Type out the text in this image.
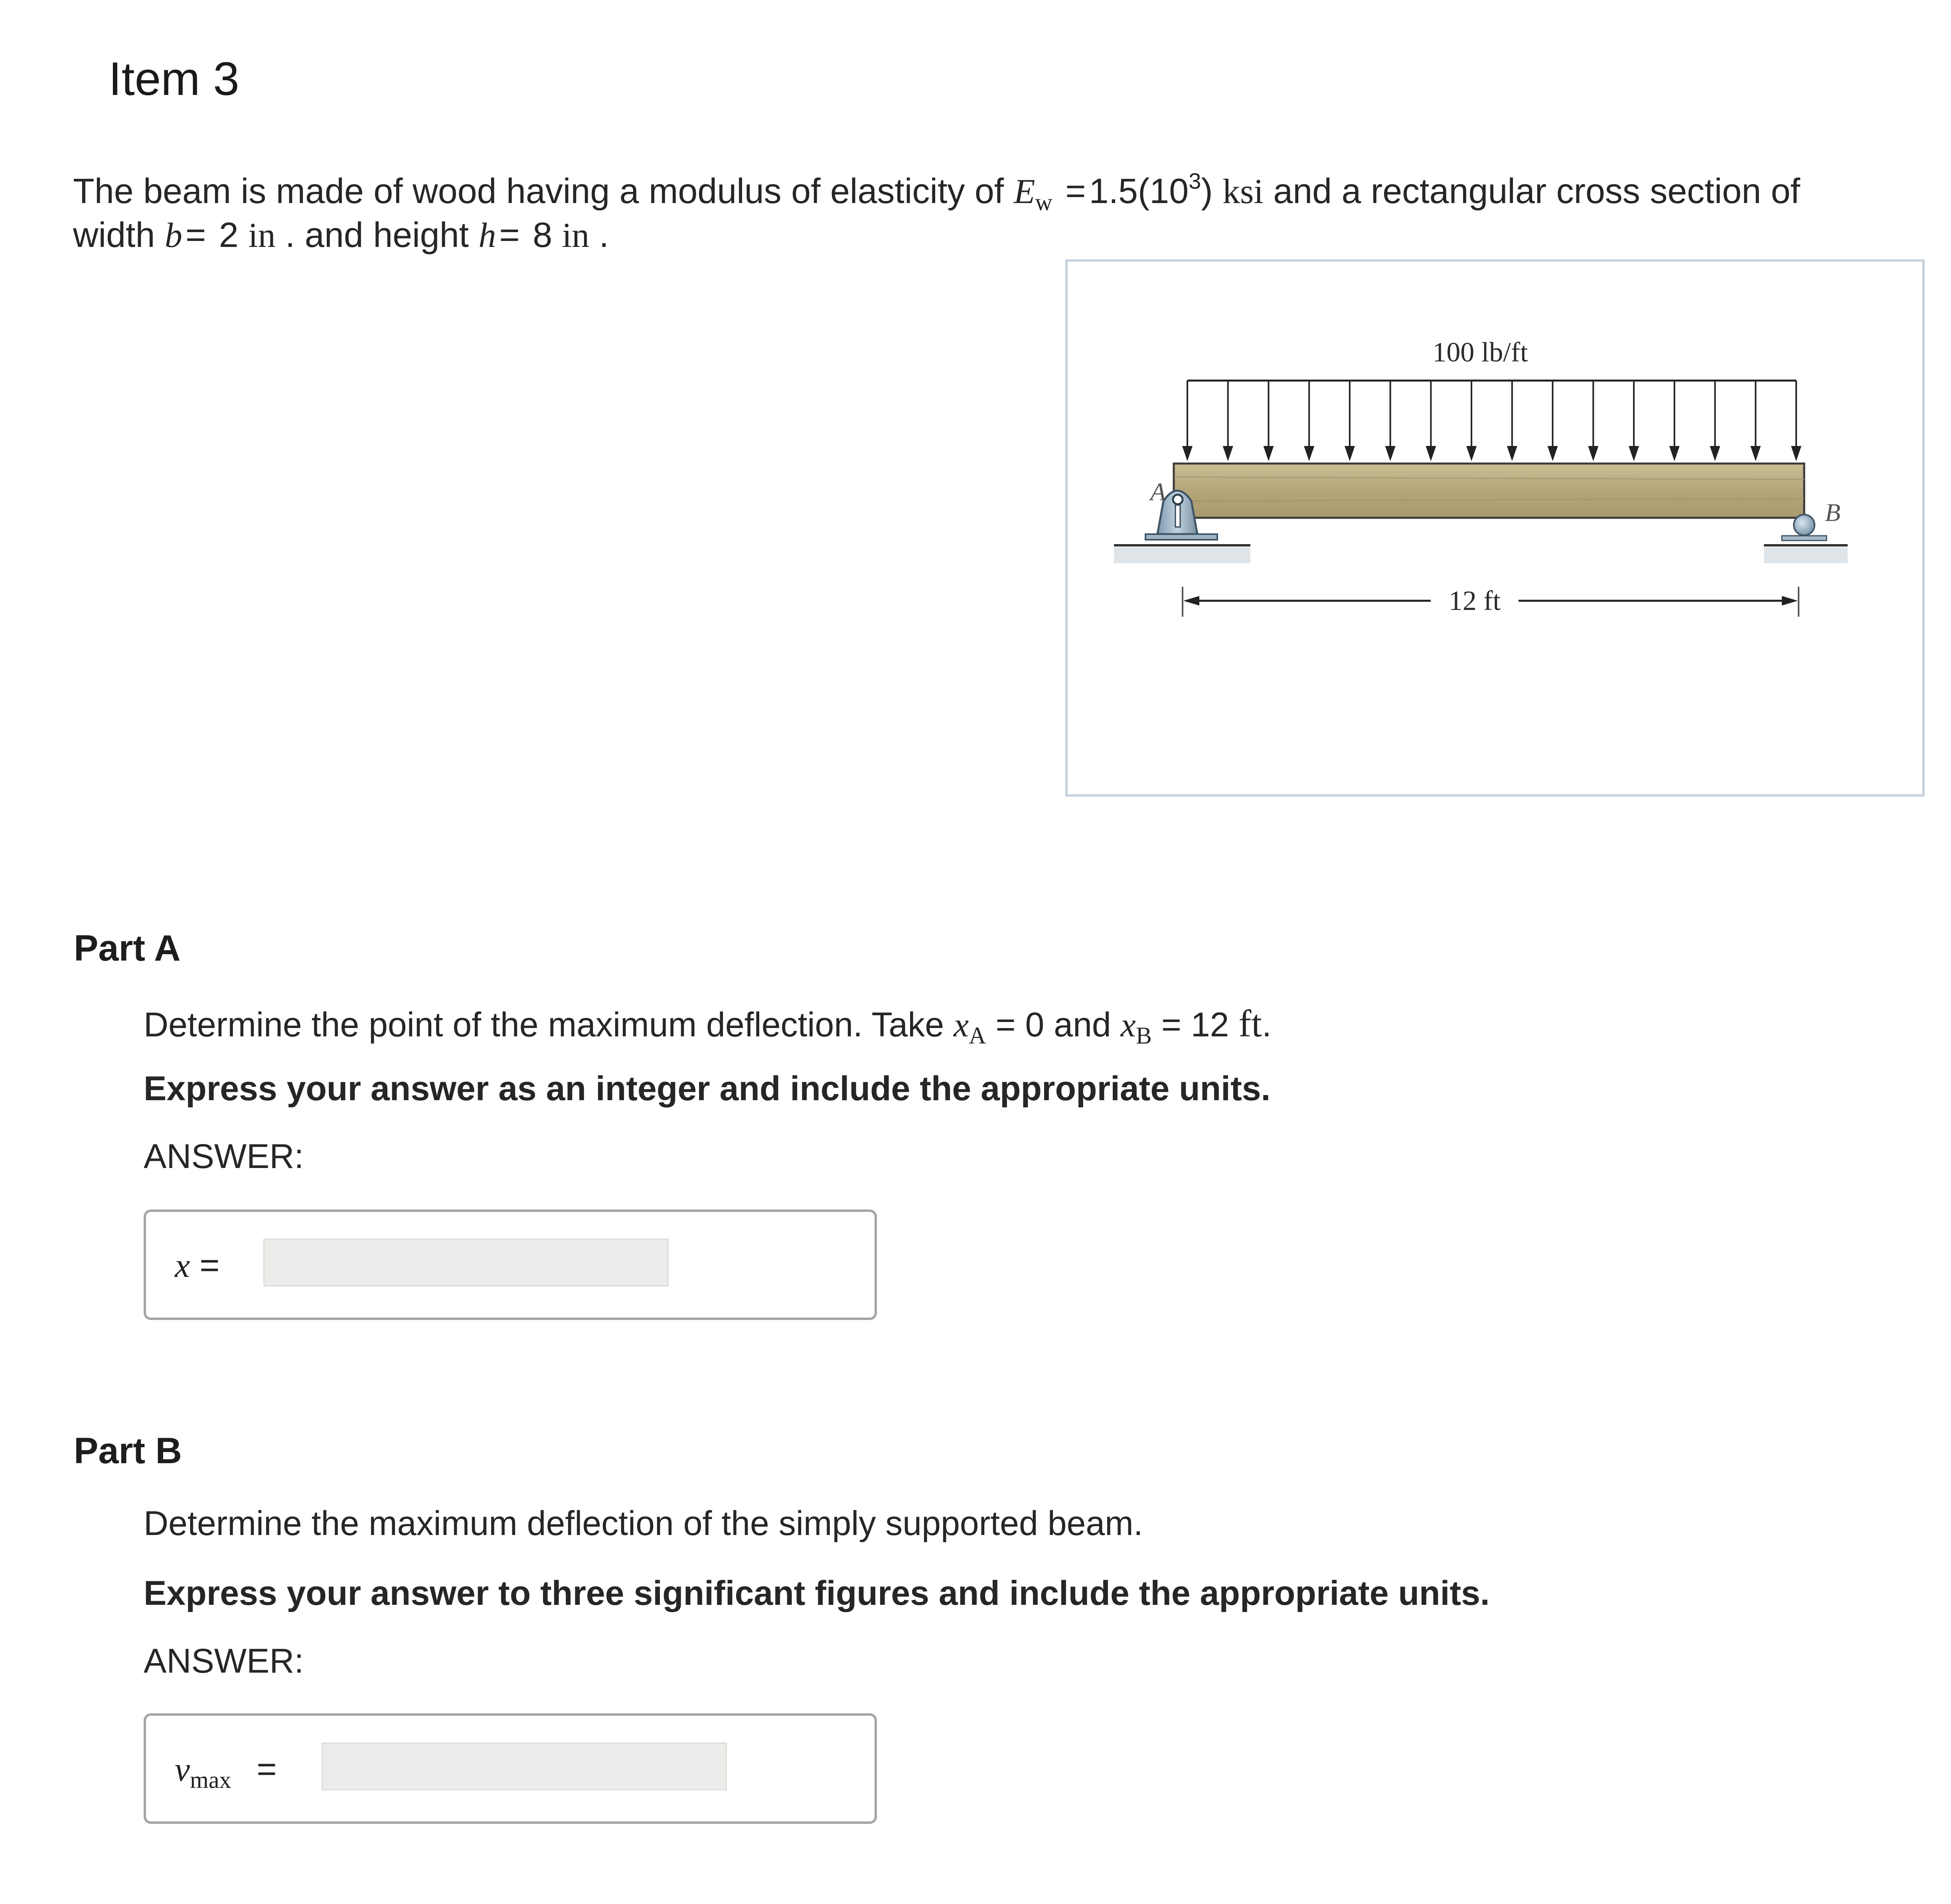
Item 3
The beam is made of wood having a modulus of elasticity of $E_w =1.5(10^3)$ ksi and a rectangular cross section of
width b= 2 in . and height h= 8 in .
100 lb/ft
A
B
12 ft
Part A
Determine the point of the maximum deflection. Take $x_A = 0$ and $x_B = 12$ ft.
Express your answer as an integer and include the appropriate units.
ANSWER:
x =
Part B
Determine the maximum deflection of the simply supported beam.
Express your answer to three significant figures and include the appropriate units.
ANSWER:
$v_{max}$ =
